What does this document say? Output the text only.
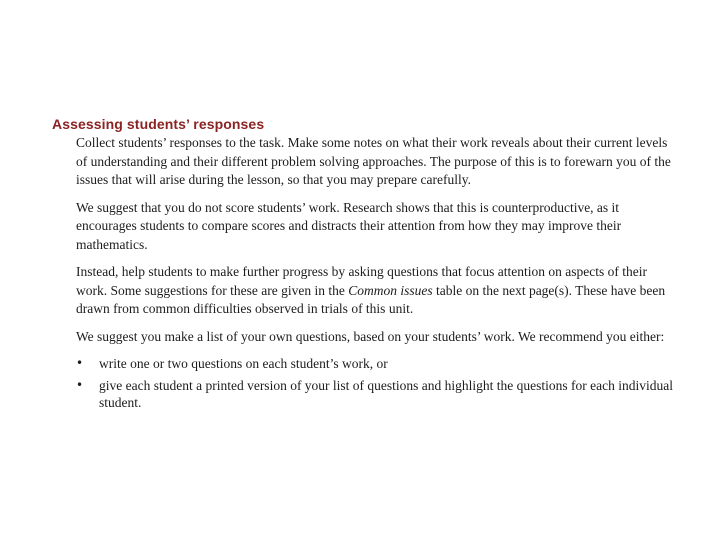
Assessing students’ responses

Collect students’ responses to the task. Make some notes on what their work reveals about their current levels of understanding and their different problem solving approaches. The purpose of this is to forewarn you of the issues that will arise during the lesson, so that you may prepare carefully.

We suggest that you do not score students’ work. Research shows that this is counterproductive, as it encourages students to compare scores and distracts their attention from how they may improve their mathematics.

Instead, help students to make further progress by asking questions that focus attention on aspects of their work. Some suggestions for these are given in the Common issues table on the next page(s). These have been drawn from common difficulties observed in trials of this unit.

We suggest you make a list of your own questions, based on your students’ work. We recommend you either:

• write one or two questions on each student’s work, or
• give each student a printed version of your list of questions and highlight the questions for each individual student.
